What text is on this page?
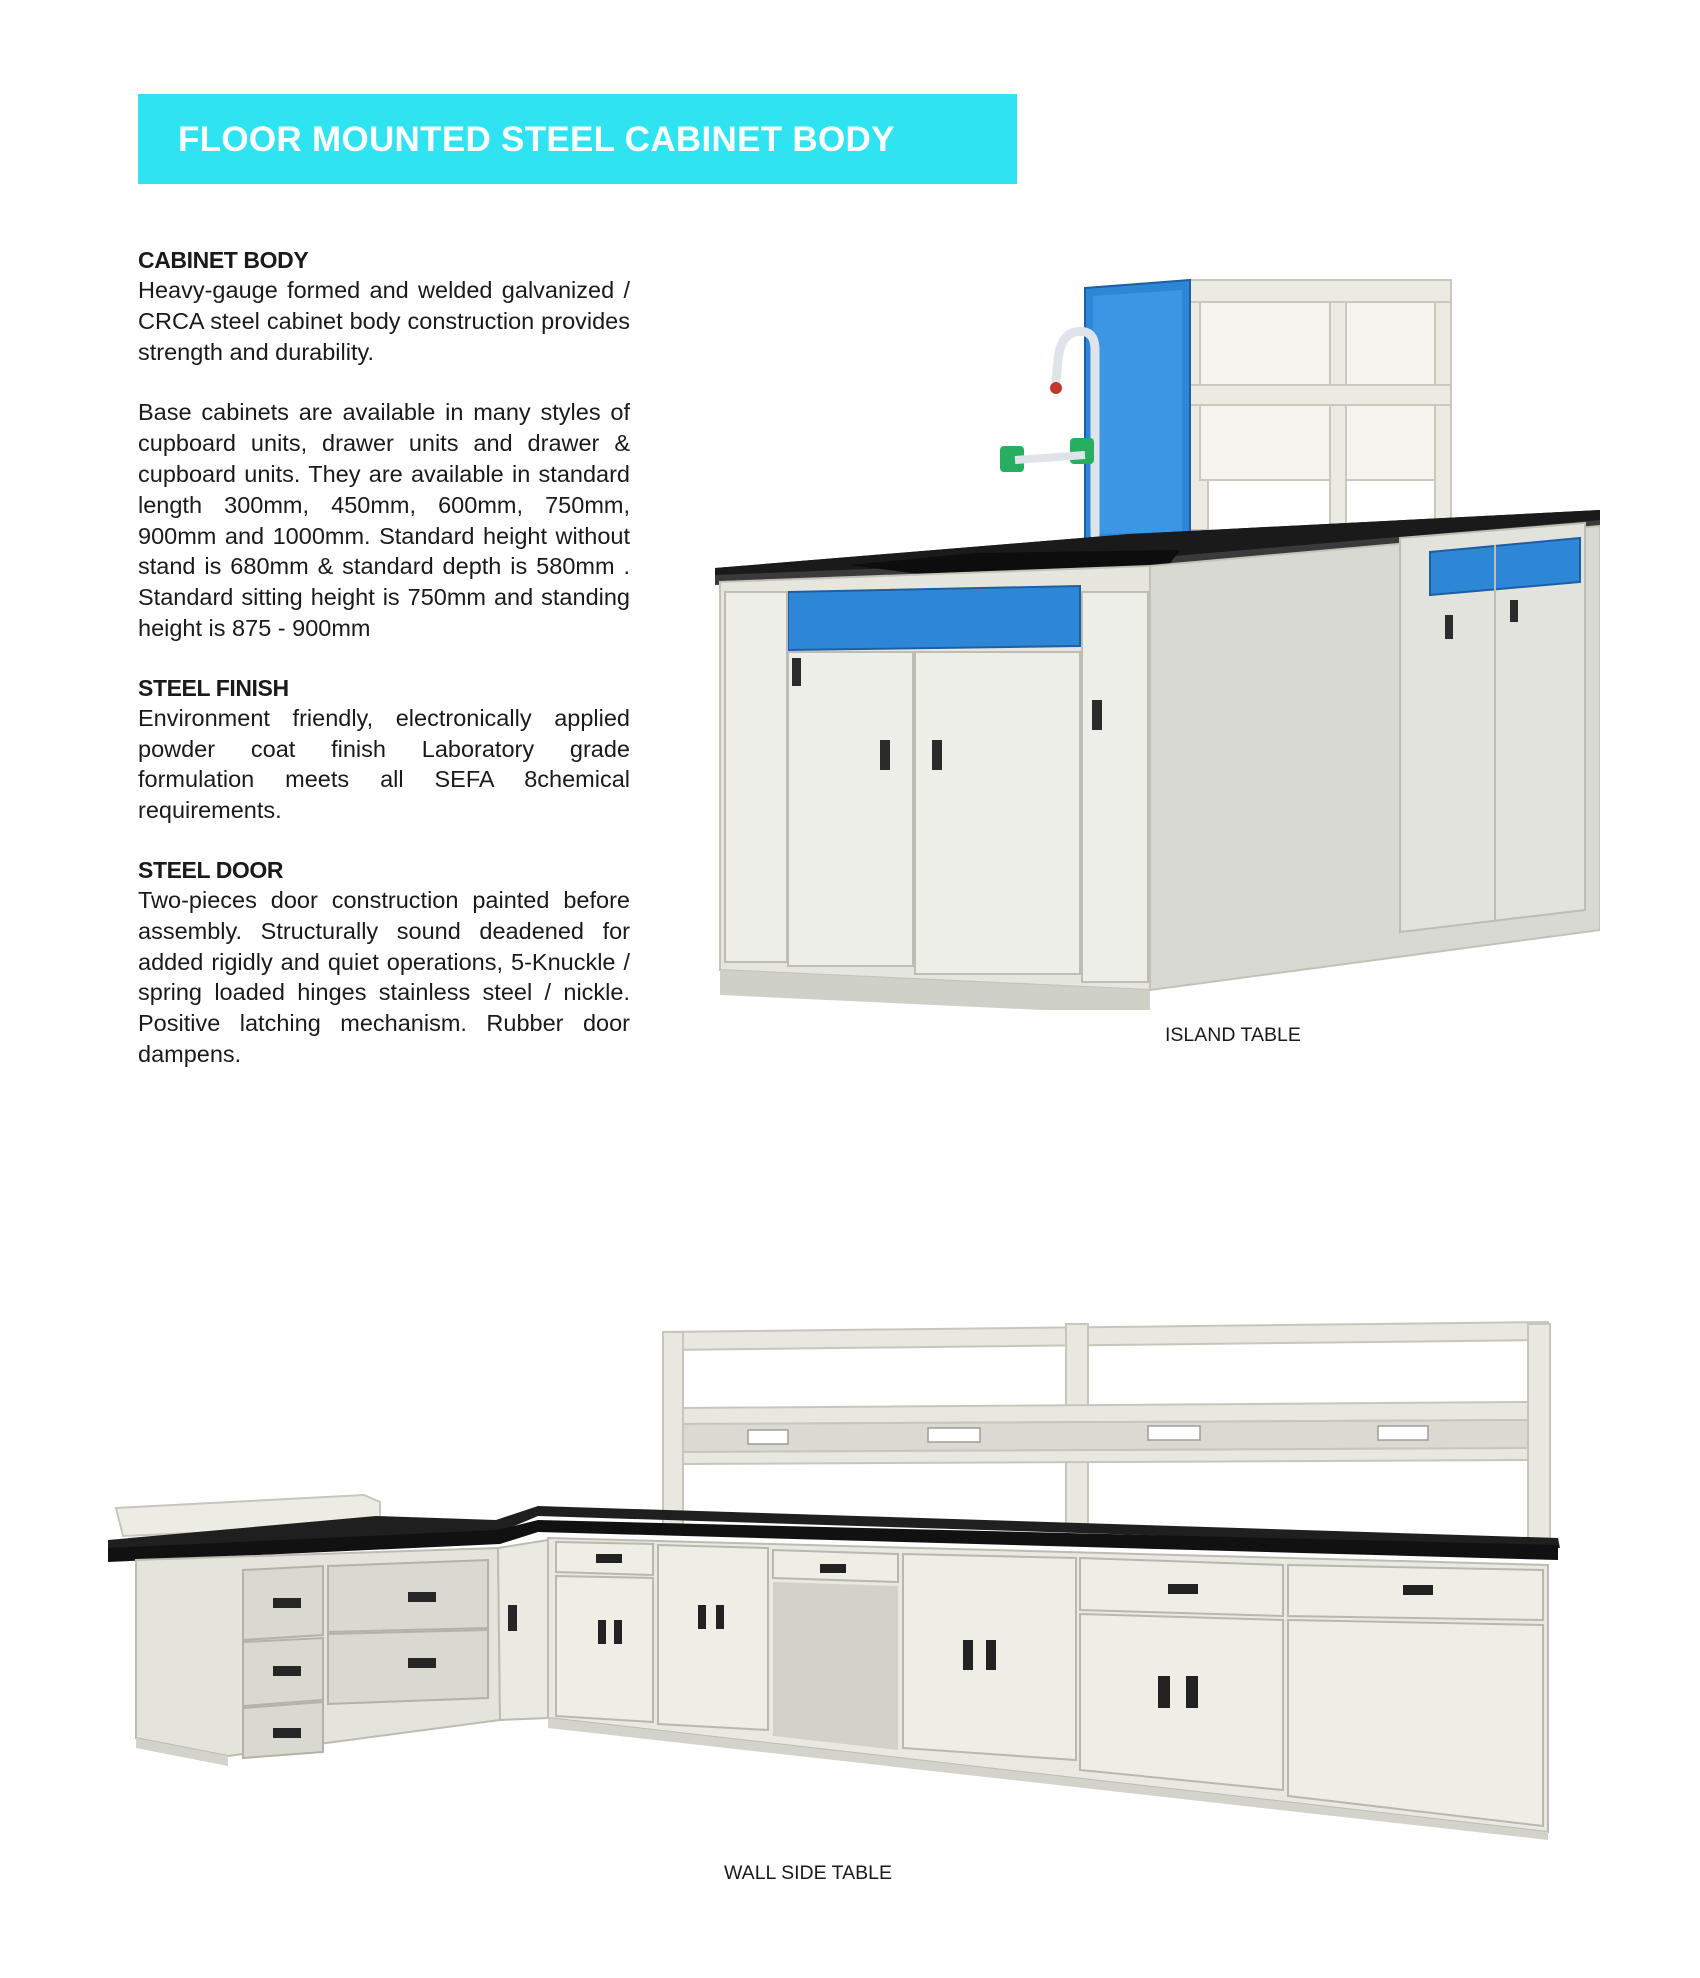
FLOOR MOUNTED STEEL CABINET BODY
CABINET BODY

Heavy-gauge formed and welded galvanized / CRCA steel cabinet body construction provides strength and durability.

Base cabinets are available in many styles of cupboard units, drawer units and drawer & cupboard units. They are available in standard length 300mm, 450mm, 600mm, 750mm, 900mm and 1000mm. Standard height without stand is 680mm & standard depth is 580mm . Standard sitting height is 750mm and standing height is 875 - 900mm

STEEL FINISH

Environment friendly, electronically applied powder coat finish Laboratory grade formulation meets all SEFA 8chemical requirements.

STEEL DOOR

Two-pieces door construction painted before assembly. Structurally sound deadened for added rigidly and quiet operations, 5-Knuckle / spring loaded hinges stainless steel / nickle. Positive latching mechanism. Rubber door dampens.

ISLAND TABLE
WALL SIDE TABLE
